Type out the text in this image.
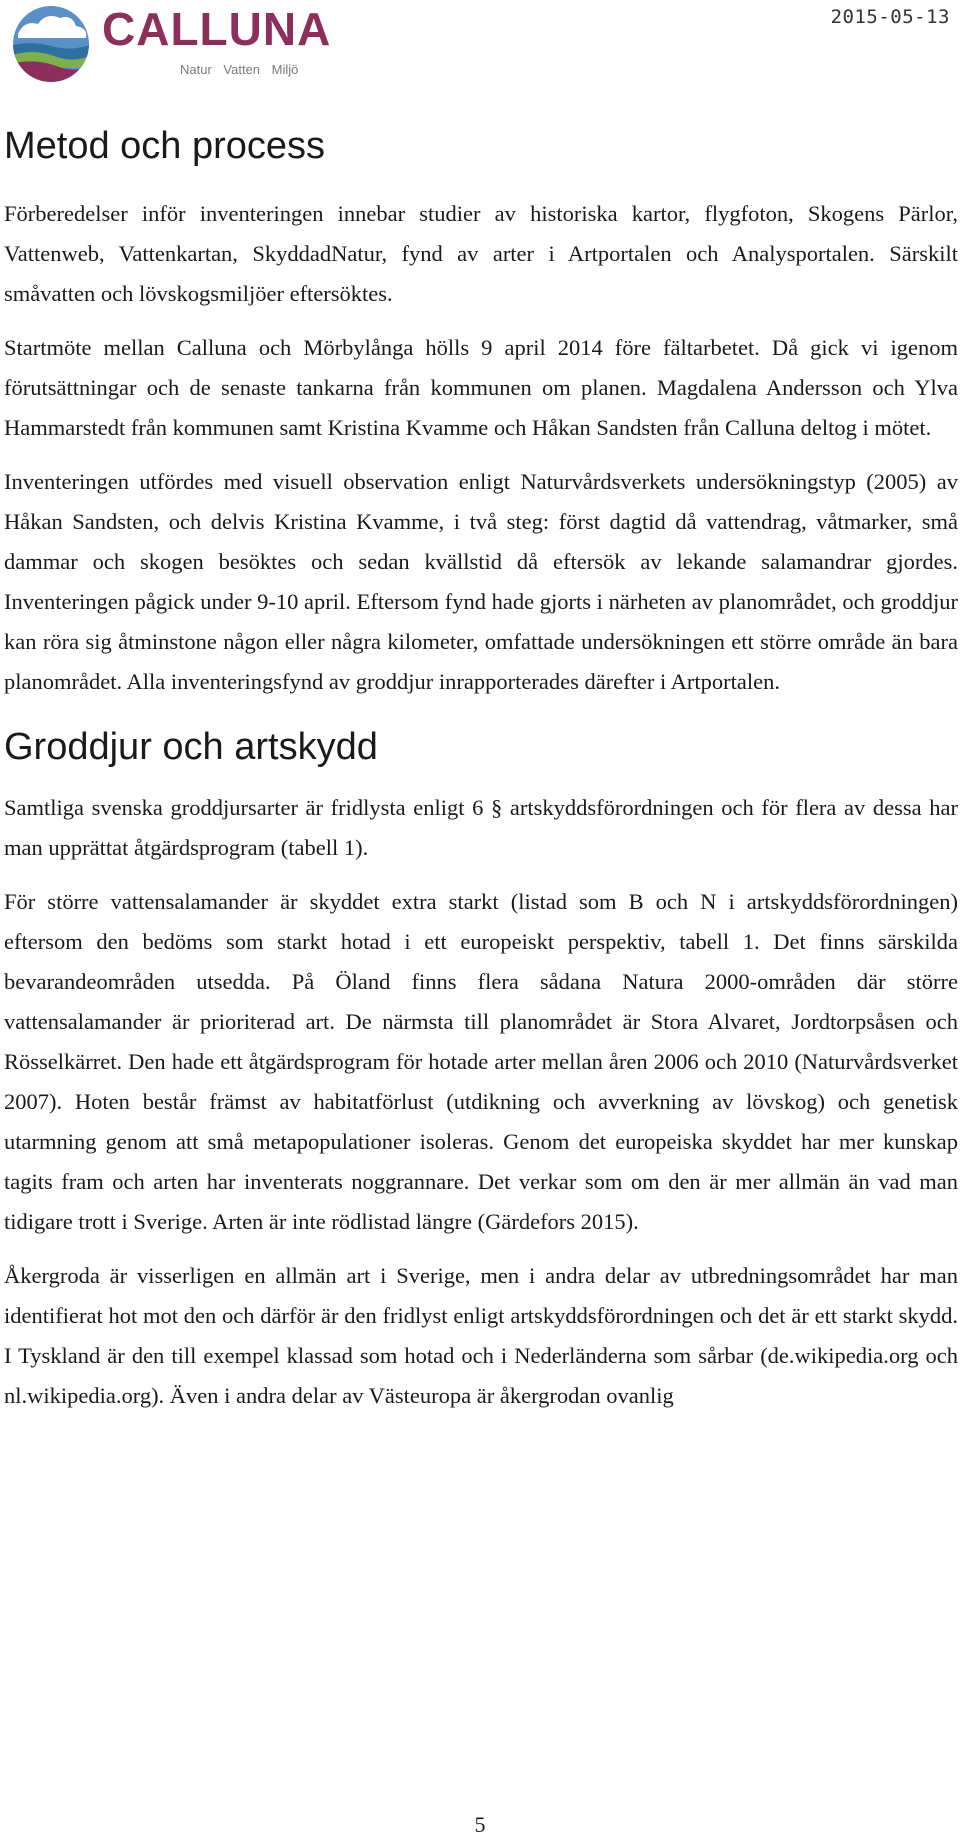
CALLUNA
Natur Vatten Miljö
2015-05-13
Metod och process

Förberedelser inför inventeringen innebar studier av historiska kartor, flygfoton, Skogens Pärlor, Vattenweb, Vattenkartan, SkyddadNatur, fynd av arter i Artportalen och Analysportalen. Särskilt småvatten och lövskogsmiljöer eftersöktes.

Startmöte mellan Calluna och Mörbylånga hölls 9 april 2014 före fältarbetet. Då gick vi igenom förutsättningar och de senaste tankarna från kommunen om planen. Magdalena Andersson och Ylva Hammarstedt från kommunen samt Kristina Kvamme och Håkan Sandsten från Calluna deltog i mötet.

Inventeringen utfördes med visuell observation enligt Naturvårdsverkets undersökningstyp (2005) av Håkan Sandsten, och delvis Kristina Kvamme, i två steg: först dagtid då vattendrag, våtmarker, små dammar och skogen besöktes och sedan kvällstid då eftersök av lekande salamandrar gjordes. Inventeringen pågick under 9-10 april. Eftersom fynd hade gjorts i närheten av planområdet, och groddjur kan röra sig åtminstone någon eller några kilometer, omfattade undersökningen ett större område än bara planområdet. Alla inventeringsfynd av groddjur inrapporterades därefter i Artportalen.

Groddjur och artskydd

Samtliga svenska groddjursarter är fridlysta enligt 6 § artskyddsförordningen och för flera av dessa har man upprättat åtgärdsprogram (tabell 1).

För större vattensalamander är skyddet extra starkt (listad som B och N i artskyddsförordningen) eftersom den bedöms som starkt hotad i ett europeiskt perspektiv, tabell 1. Det finns särskilda bevarandeområden utsedda. På Öland finns flera sådana Natura 2000-områden där större vattensalamander är prioriterad art. De närmsta till planområdet är Stora Alvaret, Jordtorpsåsen och Rösselkärret. Den hade ett åtgärdsprogram för hotade arter mellan åren 2006 och 2010 (Naturvårdsverket 2007). Hoten består främst av habitatförlust (utdikning och avverkning av lövskog) och genetisk utarmning genom att små metapopulationer isoleras. Genom det europeiska skyddet har mer kunskap tagits fram och arten har inventerats noggrannare. Det verkar som om den är mer allmän än vad man tidigare trott i Sverige. Arten är inte rödlistad längre (Gärdefors 2015).

Åkergroda är visserligen en allmän art i Sverige, men i andra delar av utbredningsområdet har man identifierat hot mot den och därför är den fridlyst enligt artskyddsförordningen och det är ett starkt skydd. I Tyskland är den till exempel klassad som hotad och i Nederländerna som sårbar (de.wikipedia.org och nl.wikipedia.org). Även i andra delar av Västeuropa är åkergrodan ovanlig

5
